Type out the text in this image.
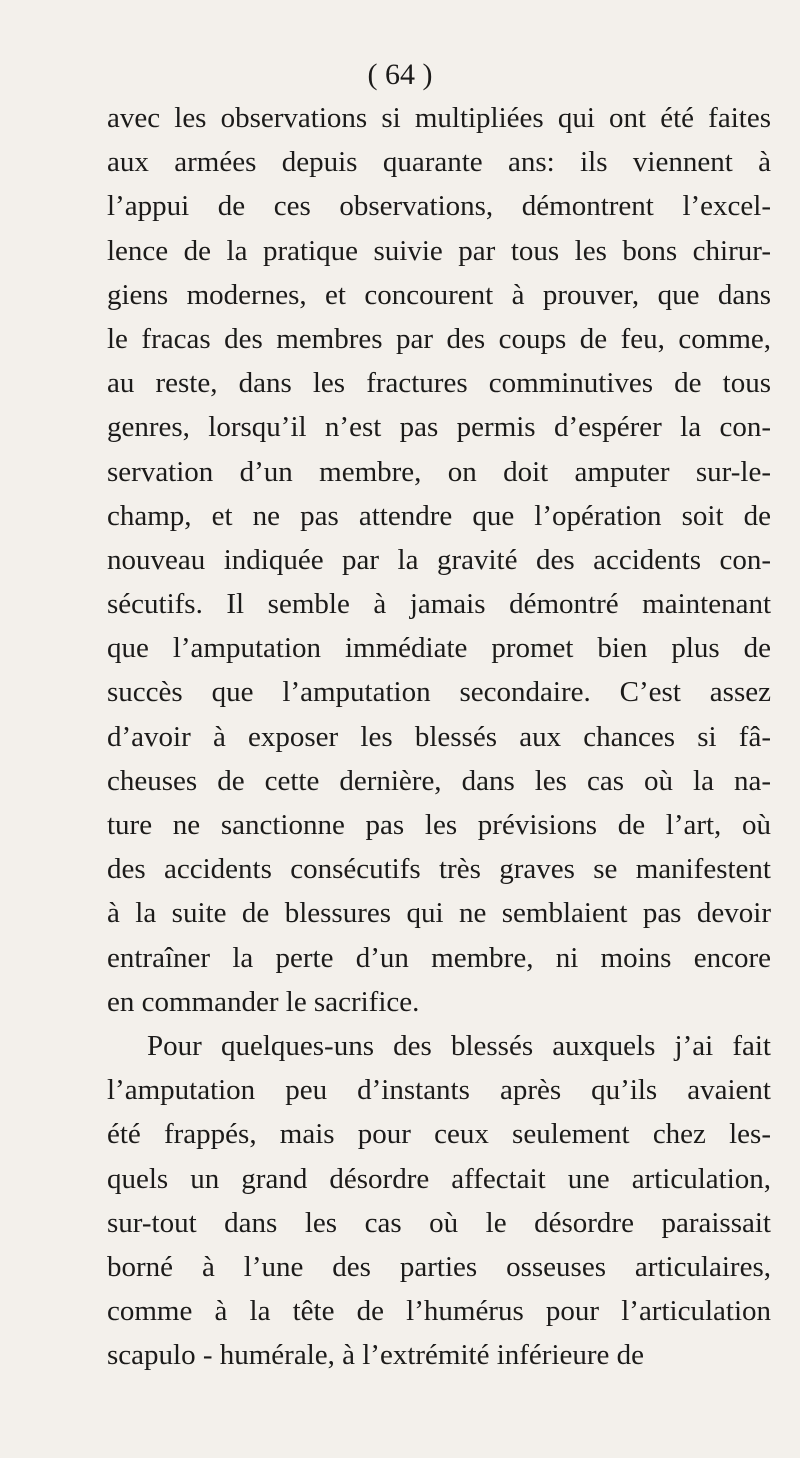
( 64 )
avec les observations si multipliées qui ont été faites
aux armées depuis quarante ans: ils viennent à
l’appui de ces observations, démontrent l’excel-
lence de la pratique suivie par tous les bons chirur-
giens modernes, et concourent à prouver, que dans
le fracas des membres par des coups de feu, comme,
au reste, dans les fractures comminutives de tous
genres, lorsqu’il n’est pas permis d’espérer la con-
servation d’un membre, on doit amputer sur-le-
champ, et ne pas attendre que l’opération soit de
nouveau indiquée par la gravité des accidents con-
sécutifs. Il semble à jamais démontré maintenant
que l’amputation immédiate promet bien plus de
succès que l’amputation secondaire. C’est assez
d’avoir à exposer les blessés aux chances si fâ-
cheuses de cette dernière, dans les cas où la na-
ture ne sanctionne pas les prévisions de l’art, où
des accidents consécutifs très graves se manifestent
à la suite de blessures qui ne semblaient pas devoir
entraîner la perte d’un membre, ni moins encore
en commander le sacrifice.
Pour quelques-uns des blessés auxquels j’ai fait
l’amputation peu d’instants après qu’ils avaient
été frappés, mais pour ceux seulement chez les-
quels un grand désordre affectait une articulation,
sur-tout dans les cas où le désordre paraissait
borné à l’une des parties osseuses articulaires,
comme à la tête de l’humérus pour l’articulation
scapulo - humérale, à l’extrémité inférieure de
